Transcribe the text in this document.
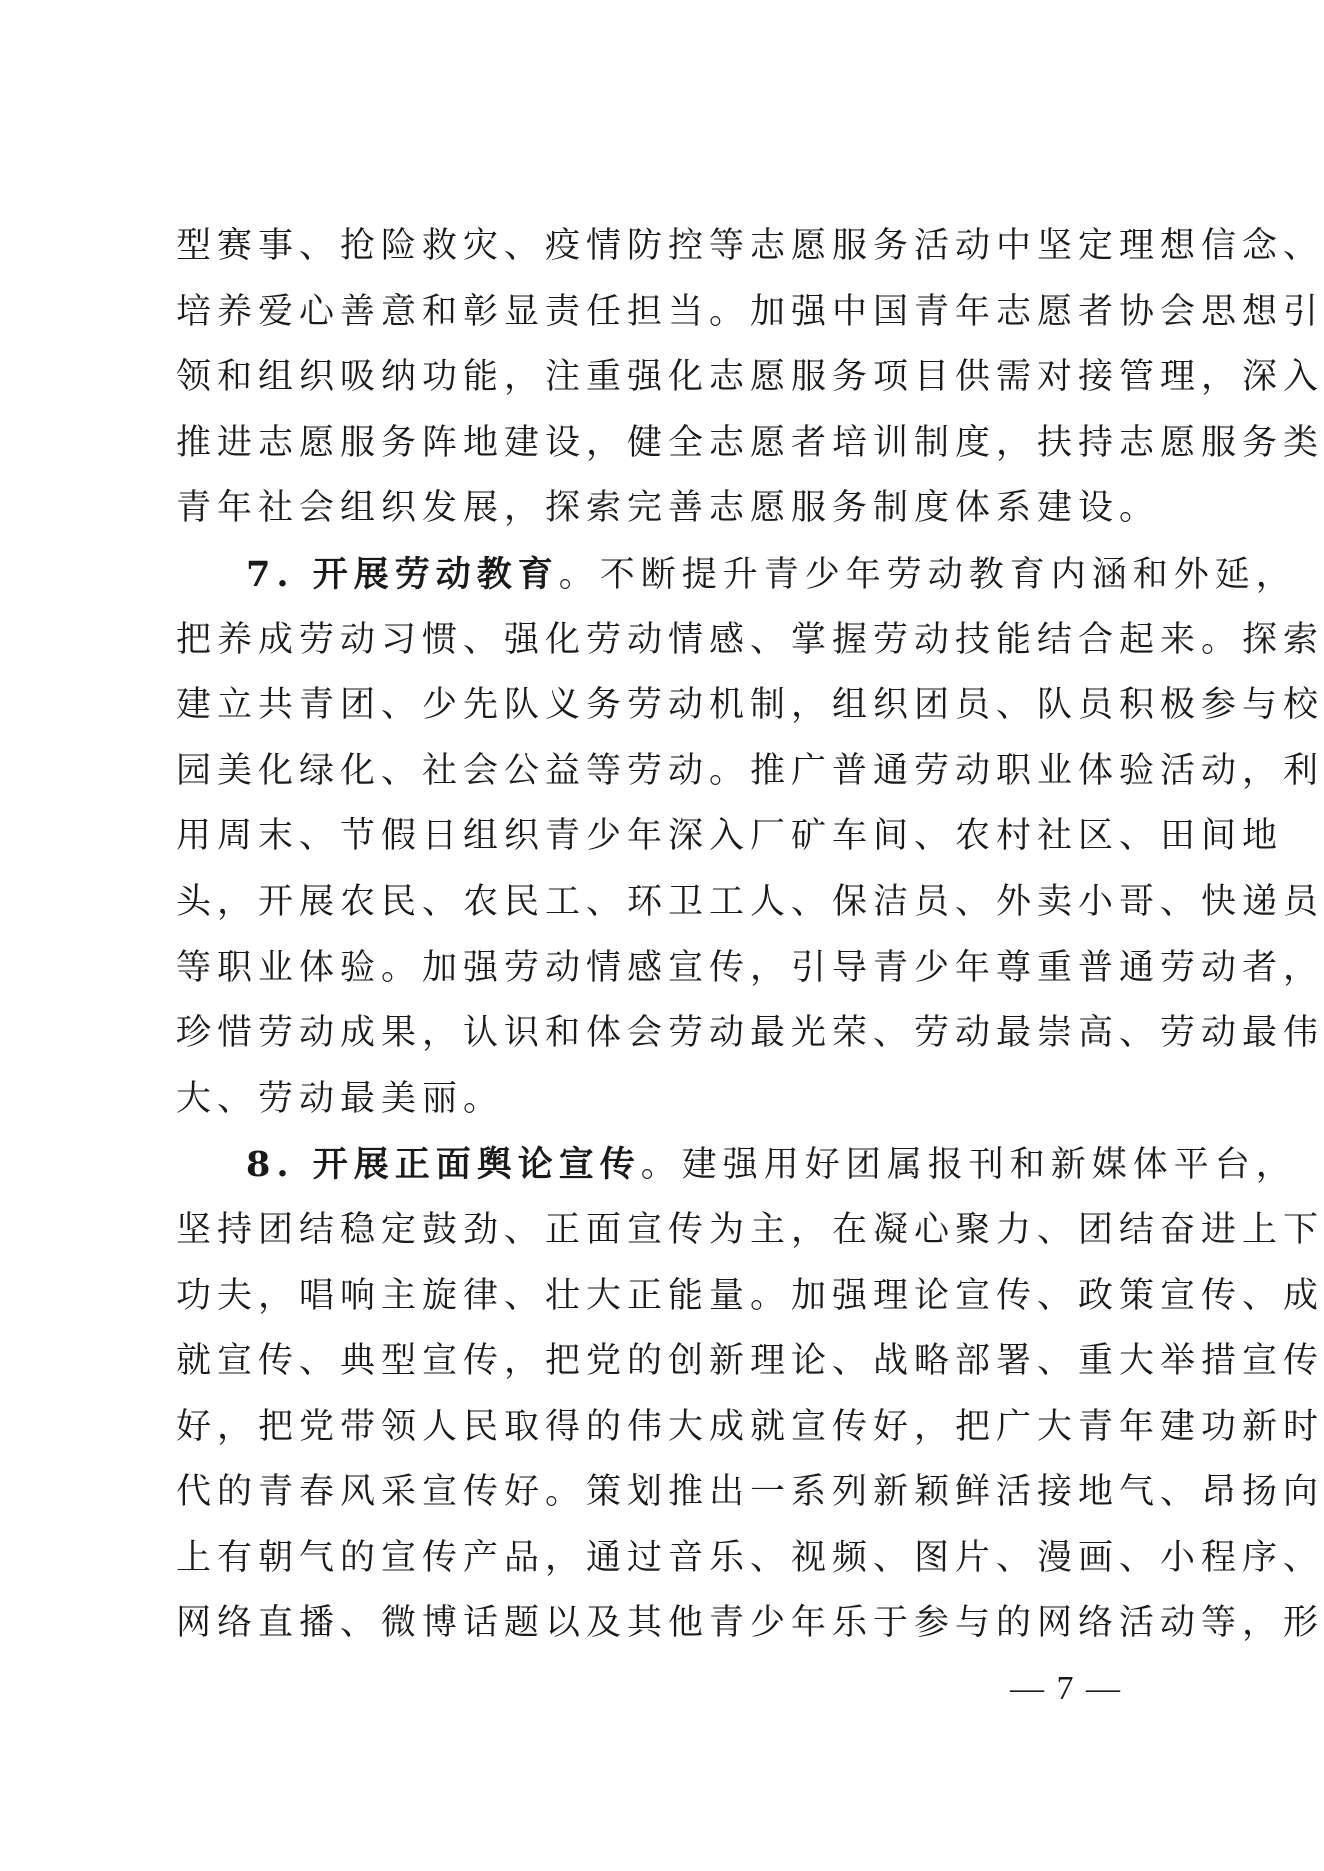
型赛事、抢险救灾、疫情防控等志愿服务活动中坚定理想信念、
培养爱心善意和彰显责任担当。加强中国青年志愿者协会思想引
领和组织吸纳功能，注重强化志愿服务项目供需对接管理，深入
推进志愿服务阵地建设，健全志愿者培训制度，扶持志愿服务类
青年社会组织发展，探索完善志愿服务制度体系建设。
7. 开展劳动教育。不断提升青少年劳动教育内涵和外延，
把养成劳动习惯、强化劳动情感、掌握劳动技能结合起来。探索
建立共青团、少先队义务劳动机制，组织团员、队员积极参与校
园美化绿化、社会公益等劳动。推广普通劳动职业体验活动，利
用周末、节假日组织青少年深入厂矿车间、农村社区、田间地
头，开展农民、农民工、环卫工人、保洁员、外卖小哥、快递员
等职业体验。加强劳动情感宣传，引导青少年尊重普通劳动者，
珍惜劳动成果，认识和体会劳动最光荣、劳动最崇高、劳动最伟
大、劳动最美丽。
8. 开展正面舆论宣传。建强用好团属报刊和新媒体平台，
坚持团结稳定鼓劲、正面宣传为主，在凝心聚力、团结奋进上下
功夫，唱响主旋律、壮大正能量。加强理论宣传、政策宣传、成
就宣传、典型宣传，把党的创新理论、战略部署、重大举措宣传
好，把党带领人民取得的伟大成就宣传好，把广大青年建功新时
代的青春风采宣传好。策划推出一系列新颖鲜活接地气、昂扬向
上有朝气的宣传产品，通过音乐、视频、图片、漫画、小程序、
网络直播、微博话题以及其他青少年乐于参与的网络活动等，形
— 7 —
